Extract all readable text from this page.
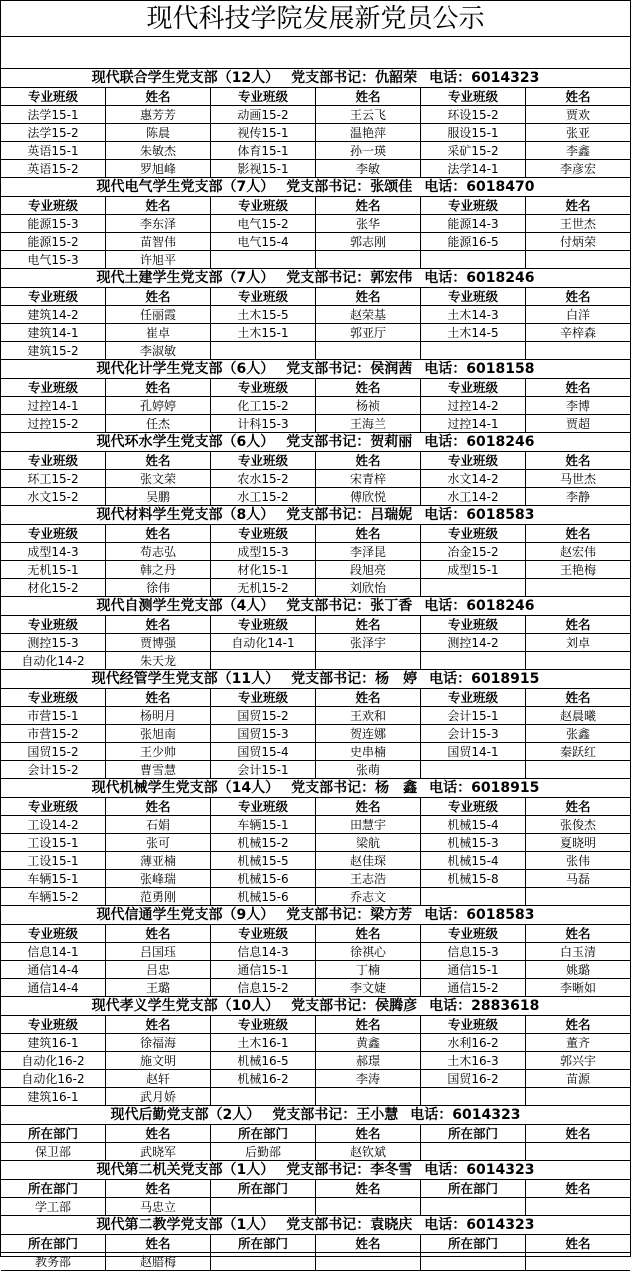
现代科技学院发展新党员公示
现代联合学生党支部（12人） 党支部书记：仇韶荣 电话：6014323
专业班级	姓名	专业班级	姓名	专业班级	姓名
法学15-1	惠芳芳	动画15-2	王云飞	环设15-2	贾欢
法学15-2	陈晨	视传15-1	温艳萍	服设15-1	张亚
英语15-1	朱敏杰	体育15-1	孙一瑛	采矿15-2	李鑫
英语15-2	罗旭峰	影视15-1	李敏	法学14-1	李彦宏
现代电气学生党支部（7人） 党支部书记：张颂佳 电话：6018470
专业班级	姓名	专业班级	姓名	专业班级	姓名
能源15-3	李东泽	电气15-2	张华	能源14-3	王世杰
能源15-2	苗智伟	电气15-4	郭志刚	能源16-5	付炳荣
电气15-3	许旭平
现代土建学生党支部（7人） 党支部书记：郭宏伟 电话：6018246
专业班级	姓名	专业班级	姓名	专业班级	姓名
建筑14-2	任丽霞	土木15-5	赵荣基	土木14-3	白洋
建筑14-1	崔卓	土木15-1	郭亚厅	土木14-5	辛梓森
建筑15-2	李淑敏
现代化计学生党支部（6人） 党支部书记：侯润茜 电话：6018158
专业班级	姓名	专业班级	姓名	专业班级	姓名
过控14-1	孔婷婷	化工15-2	杨祯	过控14-2	李博
过控15-2	任杰	计科15-3	王海兰	过控14-1	贾超
现代环水学生党支部（6人） 党支部书记：贺莉丽 电话：6018246
专业班级	姓名	专业班级	姓名	专业班级	姓名
环工15-2	张文荣	农水15-2	宋青梓	水文14-2	马世杰
水文15-2	吴鹏	水工15-2	傅欣悦	水工14-2	李静
现代材料学生党支部（8人） 党支部书记：吕瑞妮 电话：6018583
专业班级	姓名	专业班级	姓名	专业班级	姓名
成型14-3	苟志弘	成型15-3	李泽昆	冶金15-2	赵宏伟
无机15-1	韩之丹	材化15-1	段旭亮	成型15-1	王艳梅
材化15-2	徐伟	无机15-2	刘欣怡
现代自测学生党支部（4人） 党支部书记：张丁香 电话：6018246
专业班级	姓名	专业班级	姓名	专业班级	姓名
测控15-3	贾博强	自动化14-1	张泽宇	测控14-2	刘卓
自动化14-2	朱天龙
现代经管学生党支部（11人） 党支部书记：杨　婷 电话：6018915
专业班级	姓名	专业班级	姓名	专业班级	姓名
市营15-1	杨明月	国贸15-2	王欢和	会计15-1	赵晨曦
市营15-2	张旭南	国贸15-3	贺连娜	会计15-3	张鑫
国贸15-2	王少帅	国贸15-4	史串楠	国贸14-1	秦跃红
会计15-2	曹雪慧	会计15-1	张萌
现代机械学生党支部（14人） 党支部书记：杨　鑫 电话：6018915
专业班级	姓名	专业班级	姓名	专业班级	姓名
工设14-2	石娟	车辆15-1	田慧宇	机械15-4	张俊杰
工设15-1	张可	机械15-2	梁航	机械15-3	夏晓明
工设15-1	薄亚楠	机械15-5	赵佳琛	机械15-4	张伟
车辆15-1	张峰瑞	机械15-6	王志浩	机械15-8	马磊
车辆15-2	范勇刚	机械15-6	乔志文
现代信通学生党支部（9人） 党支部书记：梁方芳 电话：6018583
专业班级	姓名	专业班级	姓名	专业班级	姓名
信息14-1	吕国珏	信息14-3	徐祺心	信息15-3	白玉清
通信14-4	吕忠	通信15-1	丁楠	通信15-1	姚璐
通信14-4	王璐	信息15-2	李文婕	通信15-2	李晰如
现代孝义学生党支部（10人） 党支部书记：侯腾彦 电话：2883618
专业班级	姓名	专业班级	姓名	专业班级	姓名
建筑16-1	徐福海	土木16-1	黄鑫	水利16-2	董齐
自动化16-2	施文明	机械16-5	郝璟	土木16-3	郭兴宇
自动化16-2	赵轩	机械16-2	李涛	国贸16-2	苗源
建筑16-1	武月娇
现代后勤党支部（2人） 党支部书记：王小慧 电话：6014323
所在部门	姓名	所在部门	姓名	所在部门	姓名
保卫部	武晓军	后勤部	赵钦斌
现代第二机关党支部（1人） 党支部书记：李冬雪 电话：6014323
所在部门	姓名	所在部门	姓名	所在部门	姓名
学工部	马忠立
现代第二教学党支部（1人） 党支部书记：袁晓庆 电话：6014323
所在部门	姓名	所在部门	姓名	所在部门	姓名
教务部	赵腊梅
